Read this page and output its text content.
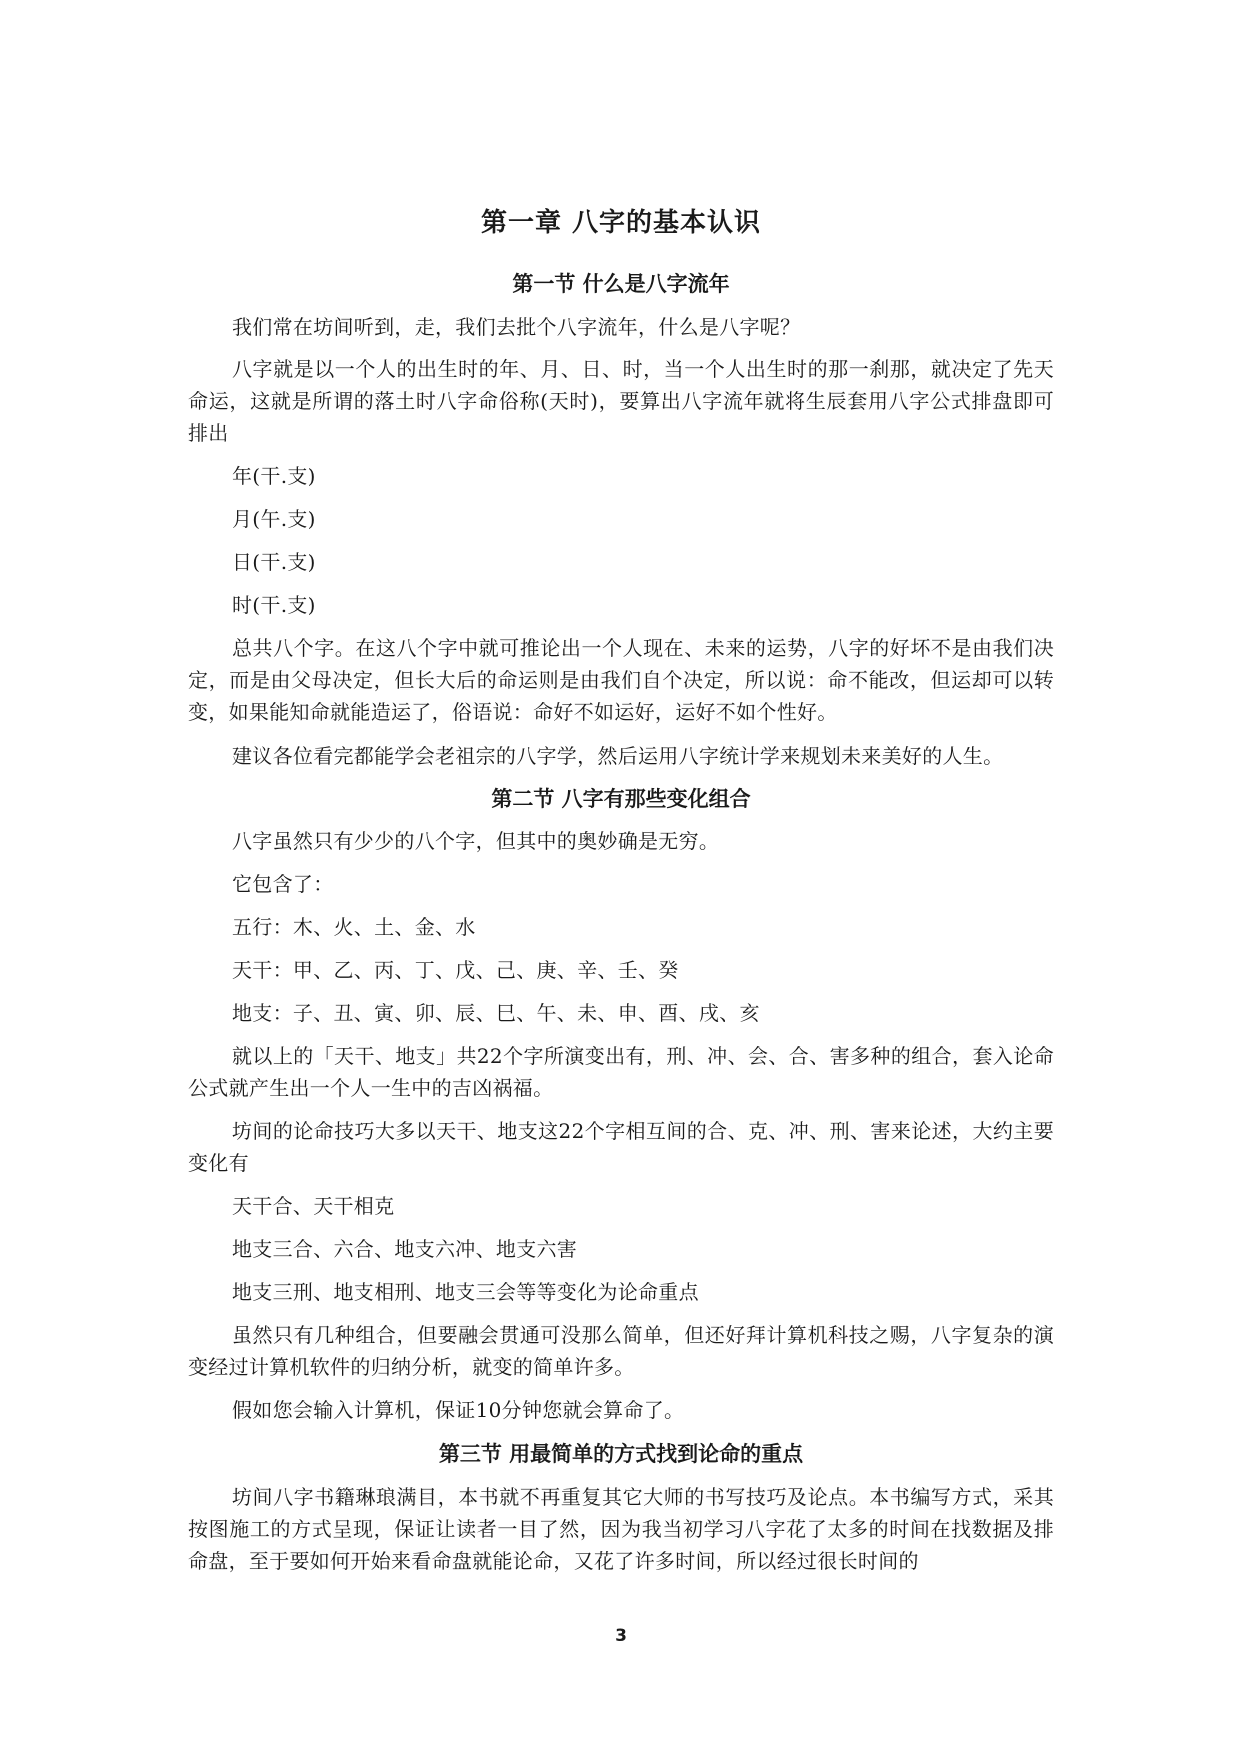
第一章 八字的基本认识
第一节 什么是八字流年

我们常在坊间听到，走，我们去批个八字流年，什么是八字呢？

八字就是以一个人的出生时的年、月、日、时，当一个人出生时的那一刹那，就决定了先天命运，这就是所谓的落土时八字命俗称(天时)，要算出八字流年就将生辰套用八字公式排盘即可排出

年(干.支)
月(午.支)
日(干.支)
时(干.支)

总共八个字。在这八个字中就可推论出一个人现在、未来的运势，八字的好坏不是由我们决定，而是由父母决定，但长大后的命运则是由我们自个决定，所以说：命不能改，但运却可以转变，如果能知命就能造运了，俗语说：命好不如运好，运好不如个性好。

建议各位看完都能学会老祖宗的八字学，然后运用八字统计学来规划未来美好的人生。

第二节 八字有那些变化组合

八字虽然只有少少的八个字，但其中的奥妙确是无穷。

它包含了：
五行：木、火、土、金、水
天干：甲、乙、丙、丁、戊、己、庚、辛、壬、癸
地支：子、丑、寅、卯、辰、巳、午、未、申、酉、戌、亥

就以上的「天干、地支」共22个字所演变出有，刑、冲、会、合、害多种的组合，套入论命公式就产生出一个人一生中的吉凶祸福。

坊间的论命技巧大多以天干、地支这22个字相互间的合、克、冲、刑、害来论述，大约主要变化有

天干合、天干相克
地支三合、六合、地支六冲、地支六害
地支三刑、地支相刑、地支三会等等变化为论命重点

虽然只有几种组合，但要融会贯通可没那么简单，但还好拜计算机科技之赐，八字复杂的演变经过计算机软件的归纳分析，就变的简单许多。

假如您会输入计算机，保证10分钟您就会算命了。

第三节 用最简单的方式找到论命的重点

坊间八字书籍琳琅满目，本书就不再重复其它大师的书写技巧及论点。本书编写方式，采其按图施工的方式呈现，保证让读者一目了然，因为我当初学习八字花了太多的时间在找数据及排命盘，至于要如何开始来看命盘就能论命，又花了许多时间，所以经过很长时间的

3
